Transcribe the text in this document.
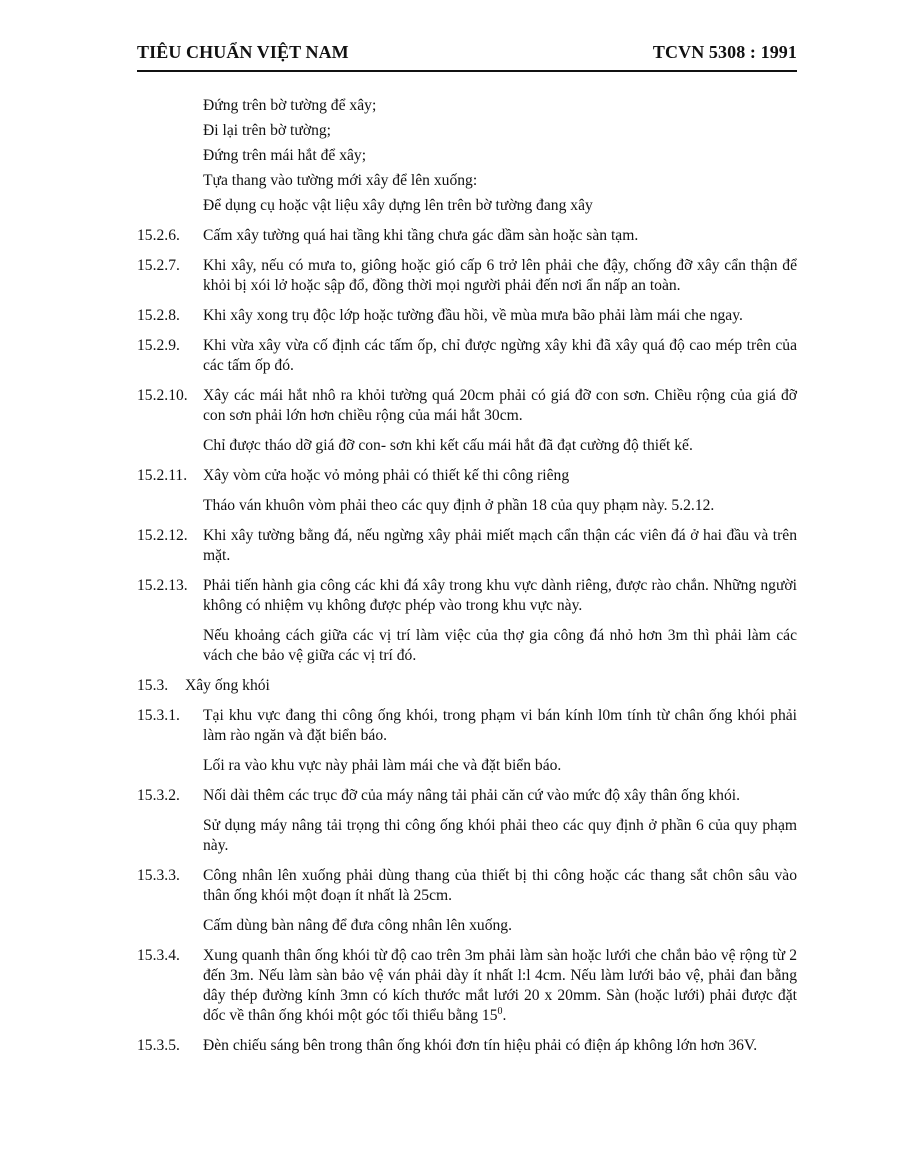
TIÊU CHUẨN VIỆT NAM	TCVN 5308 : 1991
Đứng trên bờ tường để xây;
Đi lại trên bờ tường;
Đứng trên mái hắt để xây;
Tựa thang vào tường mới xây để lên xuống:
Để dụng cụ hoặc vật liệu xây dựng lên trên bờ tường đang xây
15.2.6.	Cấm xây tường quá hai tầng khi tầng chưa gác dầm sàn hoặc sàn tạm.
15.2.7.	Khi xây, nếu có mưa to, giông hoặc gió cấp 6 trở lên phải che đậy, chống đỡ xây cẩn thận để khỏi bị xói lở hoặc sập đổ, đồng thời mọi người phải đến nơi ẩn nấp an toàn.
15.2.8.	Khi xây xong trụ độc lớp hoặc tường đầu hồi, về mùa mưa bão phải làm mái che ngay.
15.2.9.	Khi vừa xây vừa cố định các tấm ốp, chỉ được ngừng xây khi đã xây quá độ cao mép trên của các tấm ốp đó.
15.2.10. Xây các mái hắt nhô ra khỏi tường quá 20cm phải có giá đỡ con sơn. Chiều rộng của giá đỡ con sơn phải lớn hơn chiều rộng của mái hắt 30cm.
Chỉ được tháo dỡ giá đỡ con- sơn khi kết cấu mái hắt đã đạt cường độ thiết kế.
15.2.11.	Xây vòm cửa hoặc vỏ mỏng phải có thiết kế thi công riêng
Tháo ván khuôn vòm phải theo các quy định ở phần 18 của quy phạm này. 5.2.12.
15.2.12. Khi xây tường bằng đá, nếu ngừng xây phải miết mạch cẩn thận các viên đá ở hai đầu và trên mặt.
15.2.13. Phải tiến hành gia công các khi đá xây trong khu vực dành riêng, được rào chắn. Những người không có nhiệm vụ không được phép vào trong khu vực này.
Nếu khoảng cách giữa các vị trí làm việc của thợ gia công đá nhỏ hơn 3m thì phải làm các vách che bảo vệ giữa các vị trí đó.
15.3.	Xây ống khói
15.3.1.	Tại khu vực đang thi công ống khói, trong phạm vi bán kính l0m tính từ chân ống khói phải làm rào ngăn và đặt biển báo.
Lối ra vào khu vực này phải làm mái che và đặt biển báo.
15.3.2.	Nối dài thêm các trục đỡ của máy nâng tải phải căn cứ vào mức độ xây thân ống khói.
Sử dụng máy nâng tải trọng thi công ống khói phải theo các quy định ở phần 6 của quy phạm này.
15.3.3.	Công nhân lên xuống phải dùng thang của thiết bị thi công hoặc các thang sắt chôn sâu vào thân ống khói một đoạn ít nhất là 25cm.
Cấm dùng bàn nâng để đưa công nhân lên xuống.
15.3.4.	Xung quanh thân ống khói từ độ cao trên 3m phải làm sàn hoặc lưới che chắn bảo vệ rộng từ 2 đến 3m. Nếu làm sàn bảo vệ ván phải dày ít nhất l:l 4cm. Nếu làm lưới bảo vệ, phải đan bằng dây thép đường kính 3mn có kích thước mắt lưới 20 x 20mm. Sàn (hoặc lưới) phải được đặt dốc về thân ống khói một góc tối thiểu bằng $15^0$.
15.3.5.	Đèn chiếu sáng bên trong thân ống khói đơn tín hiệu phải có điện áp không lớn hơn 36V.
